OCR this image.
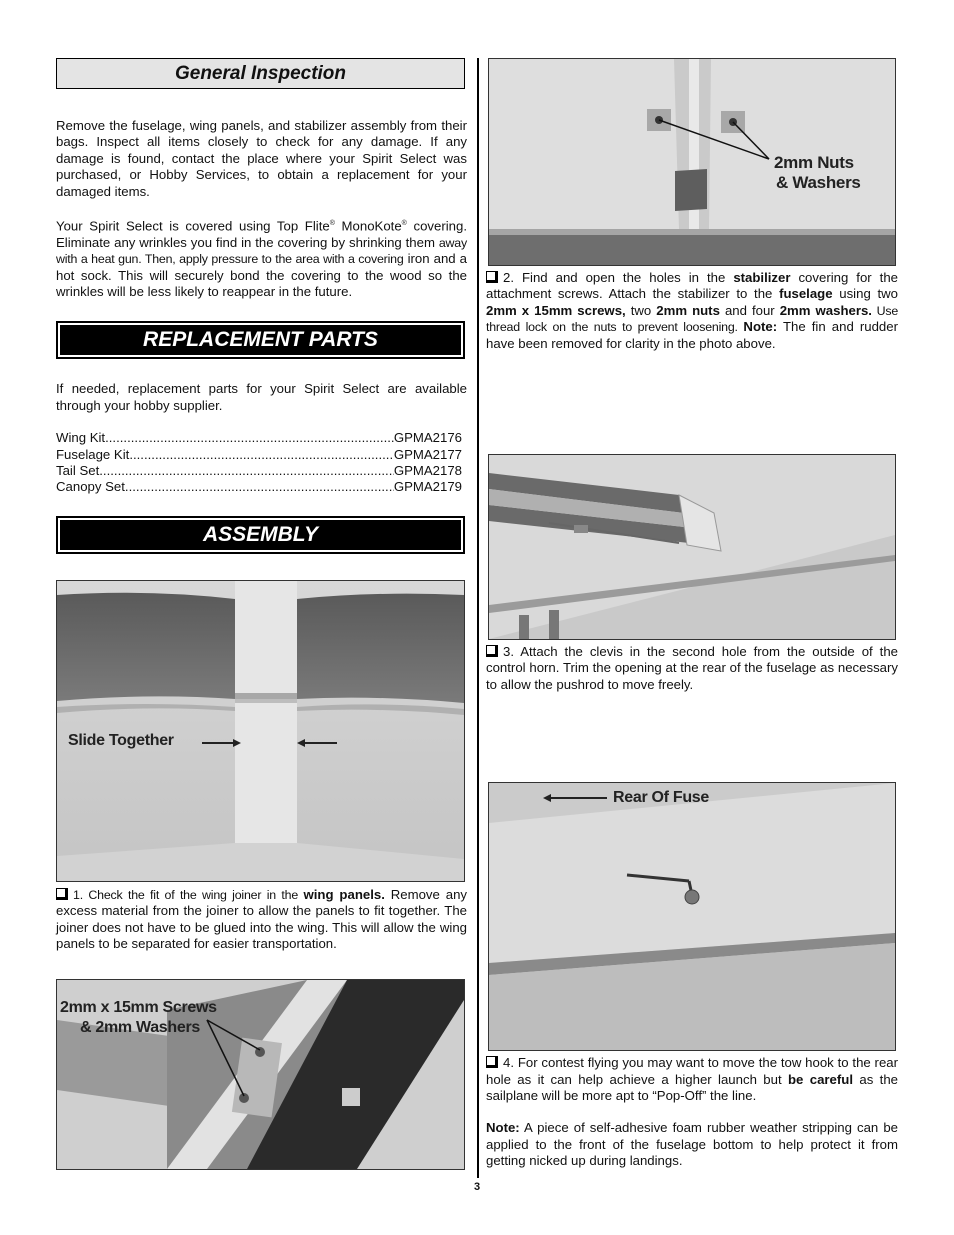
General Inspection

Remove the fuselage, wing panels, and stabilizer assembly from their bags. Inspect all items closely to check for any damage. If any damage is found, contact the place where your Spirit Select was purchased, or Hobby Services, to obtain a replacement for your damaged items.

Your Spirit Select is covered using Top Flite® MonoKote® covering. Eliminate any wrinkles you find in the covering by shrinking them away with a heat gun. Then, apply pressure to the area with a covering iron and a hot sock. This will securely bond the covering to the wood so the wrinkles will be less likely to reappear in the future.

REPLACEMENT PARTS

If needed, replacement parts for your Spirit Select are available through your hobby supplier.

Wing Kit .....	GPMA2176
Fuselage Kit .....	GPMA2177
Tail Set .....	GPMA2178
Canopy Set .....	GPMA2179
ASSEMBLY
Slide Together

1. Check the fit of the wing joiner in the wing panels. Remove any excess material from the joiner to allow the panels to fit together. The joiner does not have to be glued into the wing. This will allow the wing panels to be separated for easier transportation.

2mm x 15mm Screws
& 2mm Washers
2mm Nuts
& Washers

2. Find and open the holes in the stabilizer covering for the attachment screws. Attach the stabilizer to the fuselage using two 2mm x 15mm screws, two 2mm nuts and four 2mm washers. Use thread lock on the nuts to prevent loosening. Note: The fin and rudder have been removed for clarity in the photo above.

3. Attach the clevis in the second hole from the outside of the control horn. Trim the opening at the rear of the fuselage as necessary to allow the pushrod to move freely.

Rear Of Fuse

4. For contest flying you may want to move the tow hook to the rear hole as it can help achieve a higher launch but be careful as the sailplane will be more apt to “Pop-Off” the line.

Note: A piece of self-adhesive foam rubber weather stripping can be applied to the front of the fuselage bottom to help protect it from getting nicked up during landings.

3
